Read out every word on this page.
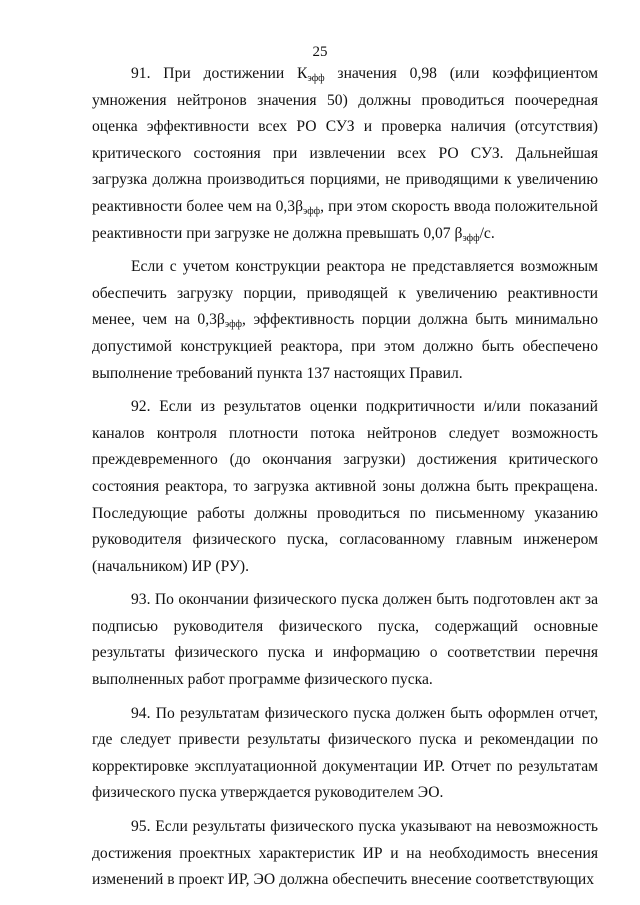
25

91. При достижении $К_{эфф}$ значения 0,98 (или коэффициентом умножения нейтронов значения 50) должны проводиться поочередная оценка эффективности всех РО СУЗ и проверка наличия (отсутствия) критического состояния при извлечении всех РО СУЗ. Дальнейшая загрузка должна производиться порциями, не приводящими к увеличению реактивности более чем на $0,3\beta_{эфф}$, при этом скорость ввода положительной реактивности при загрузке не должна превышать 0,07 $\beta_{эфф}/с$.

Если с учетом конструкции реактора не представляется возможным обеспечить загрузку порции, приводящей к увеличению реактивности менее, чем на $0,3\beta_{эфф}$, эффективность порции должна быть минимально допустимой конструкцией реактора, при этом должно быть обеспечено выполнение требований пункта 137 настоящих Правил.

92. Если из результатов оценки подкритичности и/или показаний каналов контроля плотности потока нейтронов следует возможность преждевременного (до окончания загрузки) достижения критического состояния реактора, то загрузка активной зоны должна быть прекращена. Последующие работы должны проводиться по письменному указанию руководителя физического пуска, согласованному главным инженером (начальником) ИР (РУ).

93. По окончании физического пуска должен быть подготовлен акт за подписью руководителя физического пуска, содержащий основные результаты физического пуска и информацию о соответствии перечня выполненных работ программе физического пуска.

94. По результатам физического пуска должен быть оформлен отчет, где следует привести результаты физического пуска и рекомендации по корректировке эксплуатационной документации ИР. Отчет по результатам физического пуска утверждается руководителем ЭО.

95. Если результаты физического пуска указывают на невозможность достижения проектных характеристик ИР и на необходимость внесения изменений в проект ИР, ЭО должна обеспечить внесение соответствующих
